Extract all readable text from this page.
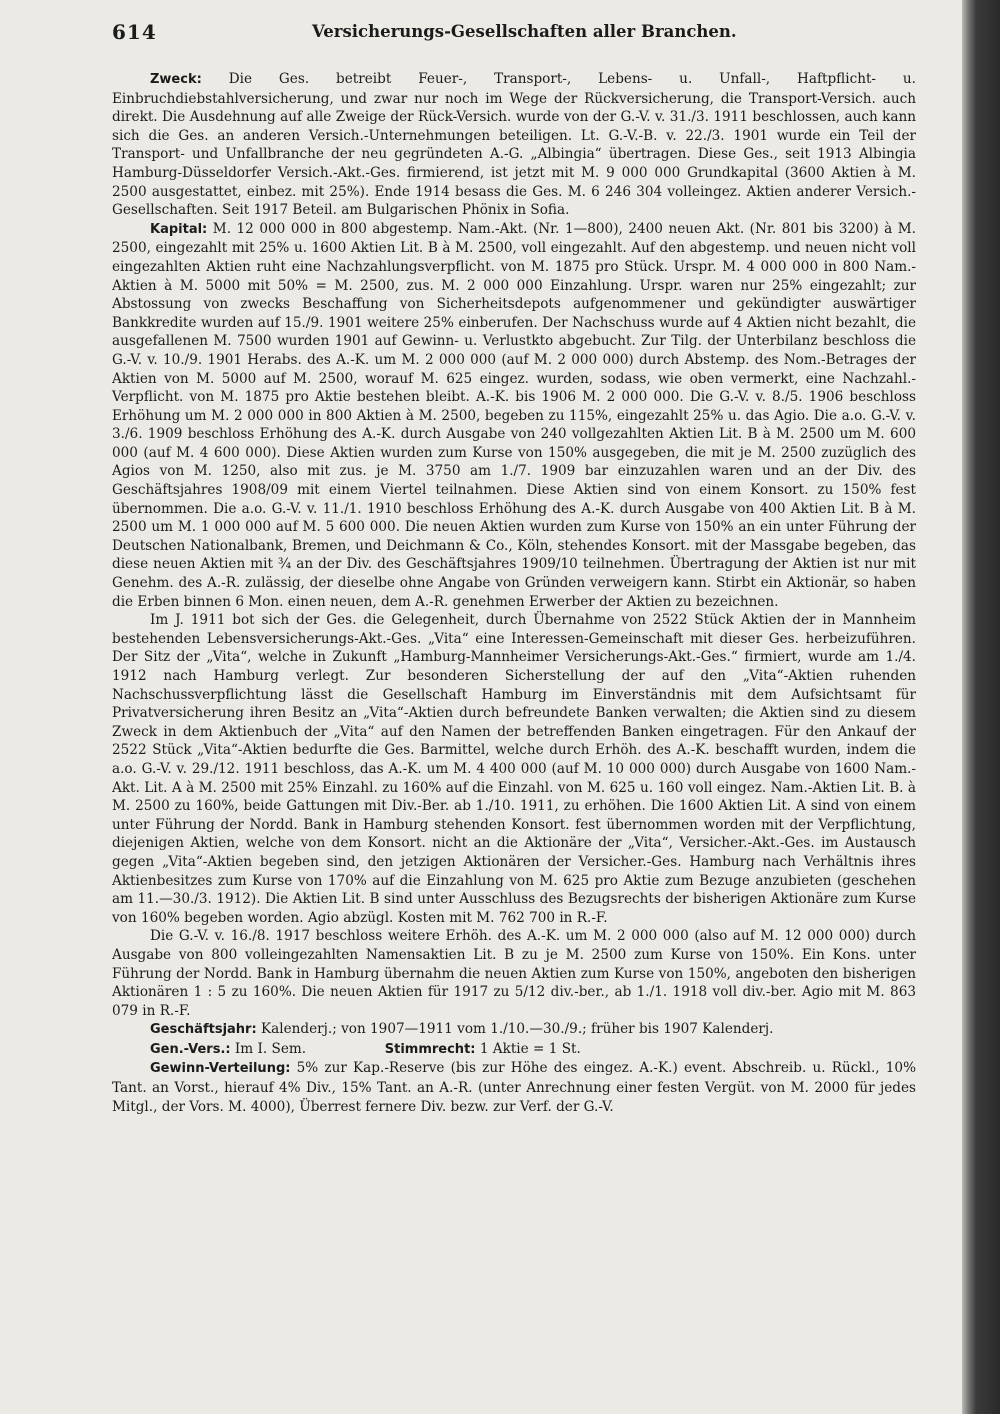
614	Versicherungs-Gesellschaften aller Branchen.

Zweck: Die Ges. betreibt Feuer-, Transport-, Lebens- u. Unfall-, Haftpflicht- u. Einbruchdiebstahlversicherung, und zwar nur noch im Wege der Rückversicherung, die Transport-Versich. auch direkt. Die Ausdehnung auf alle Zweige der Rück-Versich. wurde von der G.-V. v. 31./3. 1911 beschlossen, auch kann sich die Ges. an anderen Versich.-Unternehmungen beteiligen. Lt. G.-V.-B. v. 22./3. 1901 wurde ein Teil der Transport- und Unfallbranche der neu gegründeten A.-G. „Albingia“ übertragen. Diese Ges., seit 1913 Albingia Hamburg-Düsseldorfer Versich.-Akt.-Ges. firmierend, ist jetzt mit M. 9 000 000 Grundkapital (3600 Aktien à M. 2500 ausgestattet, einbez. mit 25%). Ende 1914 besass die Ges. M. 6 246 304 volleingez. Aktien anderer Versich.-Gesellschaften. Seit 1917 Beteil. am Bulgarischen Phönix in Sofia.

Kapital: M. 12 000 000 in 800 abgestemp. Nam.-Akt. (Nr. 1—800), 2400 neuen Akt. (Nr. 801 bis 3200) à M. 2500, eingezahlt mit 25% u. 1600 Aktien Lit. B à M. 2500, voll eingezahlt. Auf den abgestemp. und neuen nicht voll eingezahlten Aktien ruht eine Nachzahlungsverpflicht. von M. 1875 pro Stück. Urspr. M. 4 000 000 in 800 Nam.-Aktien à M. 5000 mit 50% = M. 2500, zus. M. 2 000 000 Einzahlung. Urspr. waren nur 25% eingezahlt; zur Abstossung von zwecks Beschaffung von Sicherheitsdepots aufgenommener und gekündigter auswärtiger Bankkredite wurden auf 15./9. 1901 weitere 25% einberufen. Der Nachschuss wurde auf 4 Aktien nicht bezahlt, die ausgefallenen M. 7500 wurden 1901 auf Gewinn- u. Verlustkto abgebucht. Zur Tilg. der Unterbilanz beschloss die G.-V. v. 10./9. 1901 Herabs. des A.-K. um M. 2 000 000 (auf M. 2 000 000) durch Abstemp. des Nom.-Betrages der Aktien von M. 5000 auf M. 2500, worauf M. 625 eingez. wurden, sodass, wie oben vermerkt, eine Nachzahl.-Verpflicht. von M. 1875 pro Aktie bestehen bleibt. A.-K. bis 1906 M. 2 000 000. Die G.-V. v. 8./5. 1906 beschloss Erhöhung um M. 2 000 000 in 800 Aktien à M. 2500, begeben zu 115%, eingezahlt 25% u. das Agio. Die a.o. G.-V. v. 3./6. 1909 beschloss Erhöhung des A.-K. durch Ausgabe von 240 vollgezahlten Aktien Lit. B à M. 2500 um M. 600 000 (auf M. 4 600 000). Diese Aktien wurden zum Kurse von 150% ausgegeben, die mit je M. 2500 zuzüglich des Agios von M. 1250, also mit zus. je M. 3750 am 1./7. 1909 bar einzuzahlen waren und an der Div. des Geschäftsjahres 1908/09 mit einem Viertel teilnahmen. Diese Aktien sind von einem Konsort. zu 150% fest übernommen. Die a.o. G.-V. v. 11./1. 1910 beschloss Erhöhung des A.-K. durch Ausgabe von 400 Aktien Lit. B à M. 2500 um M. 1 000 000 auf M. 5 600 000. Die neuen Aktien wurden zum Kurse von 150% an ein unter Führung der Deutschen Nationalbank, Bremen, und Deichmann & Co., Köln, stehendes Konsort. mit der Massgabe begeben, das diese neuen Aktien mit ¾ an der Div. des Geschäftsjahres 1909/10 teilnehmen. Übertragung der Aktien ist nur mit Genehm. des A.-R. zulässig, der dieselbe ohne Angabe von Gründen verweigern kann. Stirbt ein Aktionär, so haben die Erben binnen 6 Mon. einen neuen, dem A.-R. genehmen Erwerber der Aktien zu bezeichnen.

Im J. 1911 bot sich der Ges. die Gelegenheit, durch Übernahme von 2522 Stück Aktien der in Mannheim bestehenden Lebensversicherungs-Akt.-Ges. „Vita“ eine Interessen-Gemeinschaft mit dieser Ges. herbeizuführen. Der Sitz der „Vita“, welche in Zukunft „Hamburg-Mannheimer Versicherungs-Akt.-Ges.“ firmiert, wurde am 1./4. 1912 nach Hamburg verlegt. Zur besonderen Sicherstellung der auf den „Vita“-Aktien ruhenden Nachschussverpflichtung lässt die Gesellschaft Hamburg im Einverständnis mit dem Aufsichtsamt für Privatversicherung ihren Besitz an „Vita“-Aktien durch befreundete Banken verwalten; die Aktien sind zu diesem Zweck in dem Aktienbuch der „Vita“ auf den Namen der betreffenden Banken eingetragen. Für den Ankauf der 2522 Stück „Vita“-Aktien bedurfte die Ges. Barmittel, welche durch Erhöh. des A.-K. beschafft wurden, indem die a.o. G.-V. v. 29./12. 1911 beschloss, das A.-K. um M. 4 400 000 (auf M. 10 000 000) durch Ausgabe von 1600 Nam.-Akt. Lit. A à M. 2500 mit 25% Einzahl. zu 160% auf die Einzahl. von M. 625 u. 160 voll eingez. Nam.-Aktien Lit. B. à M. 2500 zu 160%, beide Gattungen mit Div.-Ber. ab 1./10. 1911, zu erhöhen. Die 1600 Aktien Lit. A sind von einem unter Führung der Nordd. Bank in Hamburg stehenden Konsort. fest übernommen worden mit der Verpflichtung, diejenigen Aktien, welche von dem Konsort. nicht an die Aktionäre der „Vita“, Versicher.-Akt.-Ges. im Austausch gegen „Vita“-Aktien begeben sind, den jetzigen Aktionären der Versicher.-Ges. Hamburg nach Verhältnis ihres Aktienbesitzes zum Kurse von 170% auf die Einzahlung von M. 625 pro Aktie zum Bezuge anzubieten (geschehen am 11.—30./3. 1912). Die Aktien Lit. B sind unter Ausschluss des Bezugsrechts der bisherigen Aktionäre zum Kurse von 160% begeben worden. Agio abzügl. Kosten mit M. 762 700 in R.-F.

Die G.-V. v. 16./8. 1917 beschloss weitere Erhöh. des A.-K. um M. 2 000 000 (also auf M. 12 000 000) durch Ausgabe von 800 volleingezahlten Namensaktien Lit. B zu je M. 2500 zum Kurse von 150%. Ein Kons. unter Führung der Nordd. Bank in Hamburg übernahm die neuen Aktien zum Kurse von 150%, angeboten den bisherigen Aktionären 1 : 5 zu 160%. Die neuen Aktien für 1917 zu 5/12 div.-ber., ab 1./1. 1918 voll div.-ber. Agio mit M. 863 079 in R.-F.

Geschäftsjahr: Kalenderj.; von 1907—1911 vom 1./10.—30./9.; früher bis 1907 Kalenderj.

Gen.-Vers.: Im I. Sem.	Stimmrecht: 1 Aktie = 1 St.

Gewinn-Verteilung: 5% zur Kap.-Reserve (bis zur Höhe des eingez. A.-K.) event. Abschreib. u. Rückl., 10% Tant. an Vorst., hierauf 4% Div., 15% Tant. an A.-R. (unter Anrechnung einer festen Vergüt. von M. 2000 für jedes Mitgl., der Vors. M. 4000), Überrest fernere Div. bezw. zur Verf. der G.-V.
